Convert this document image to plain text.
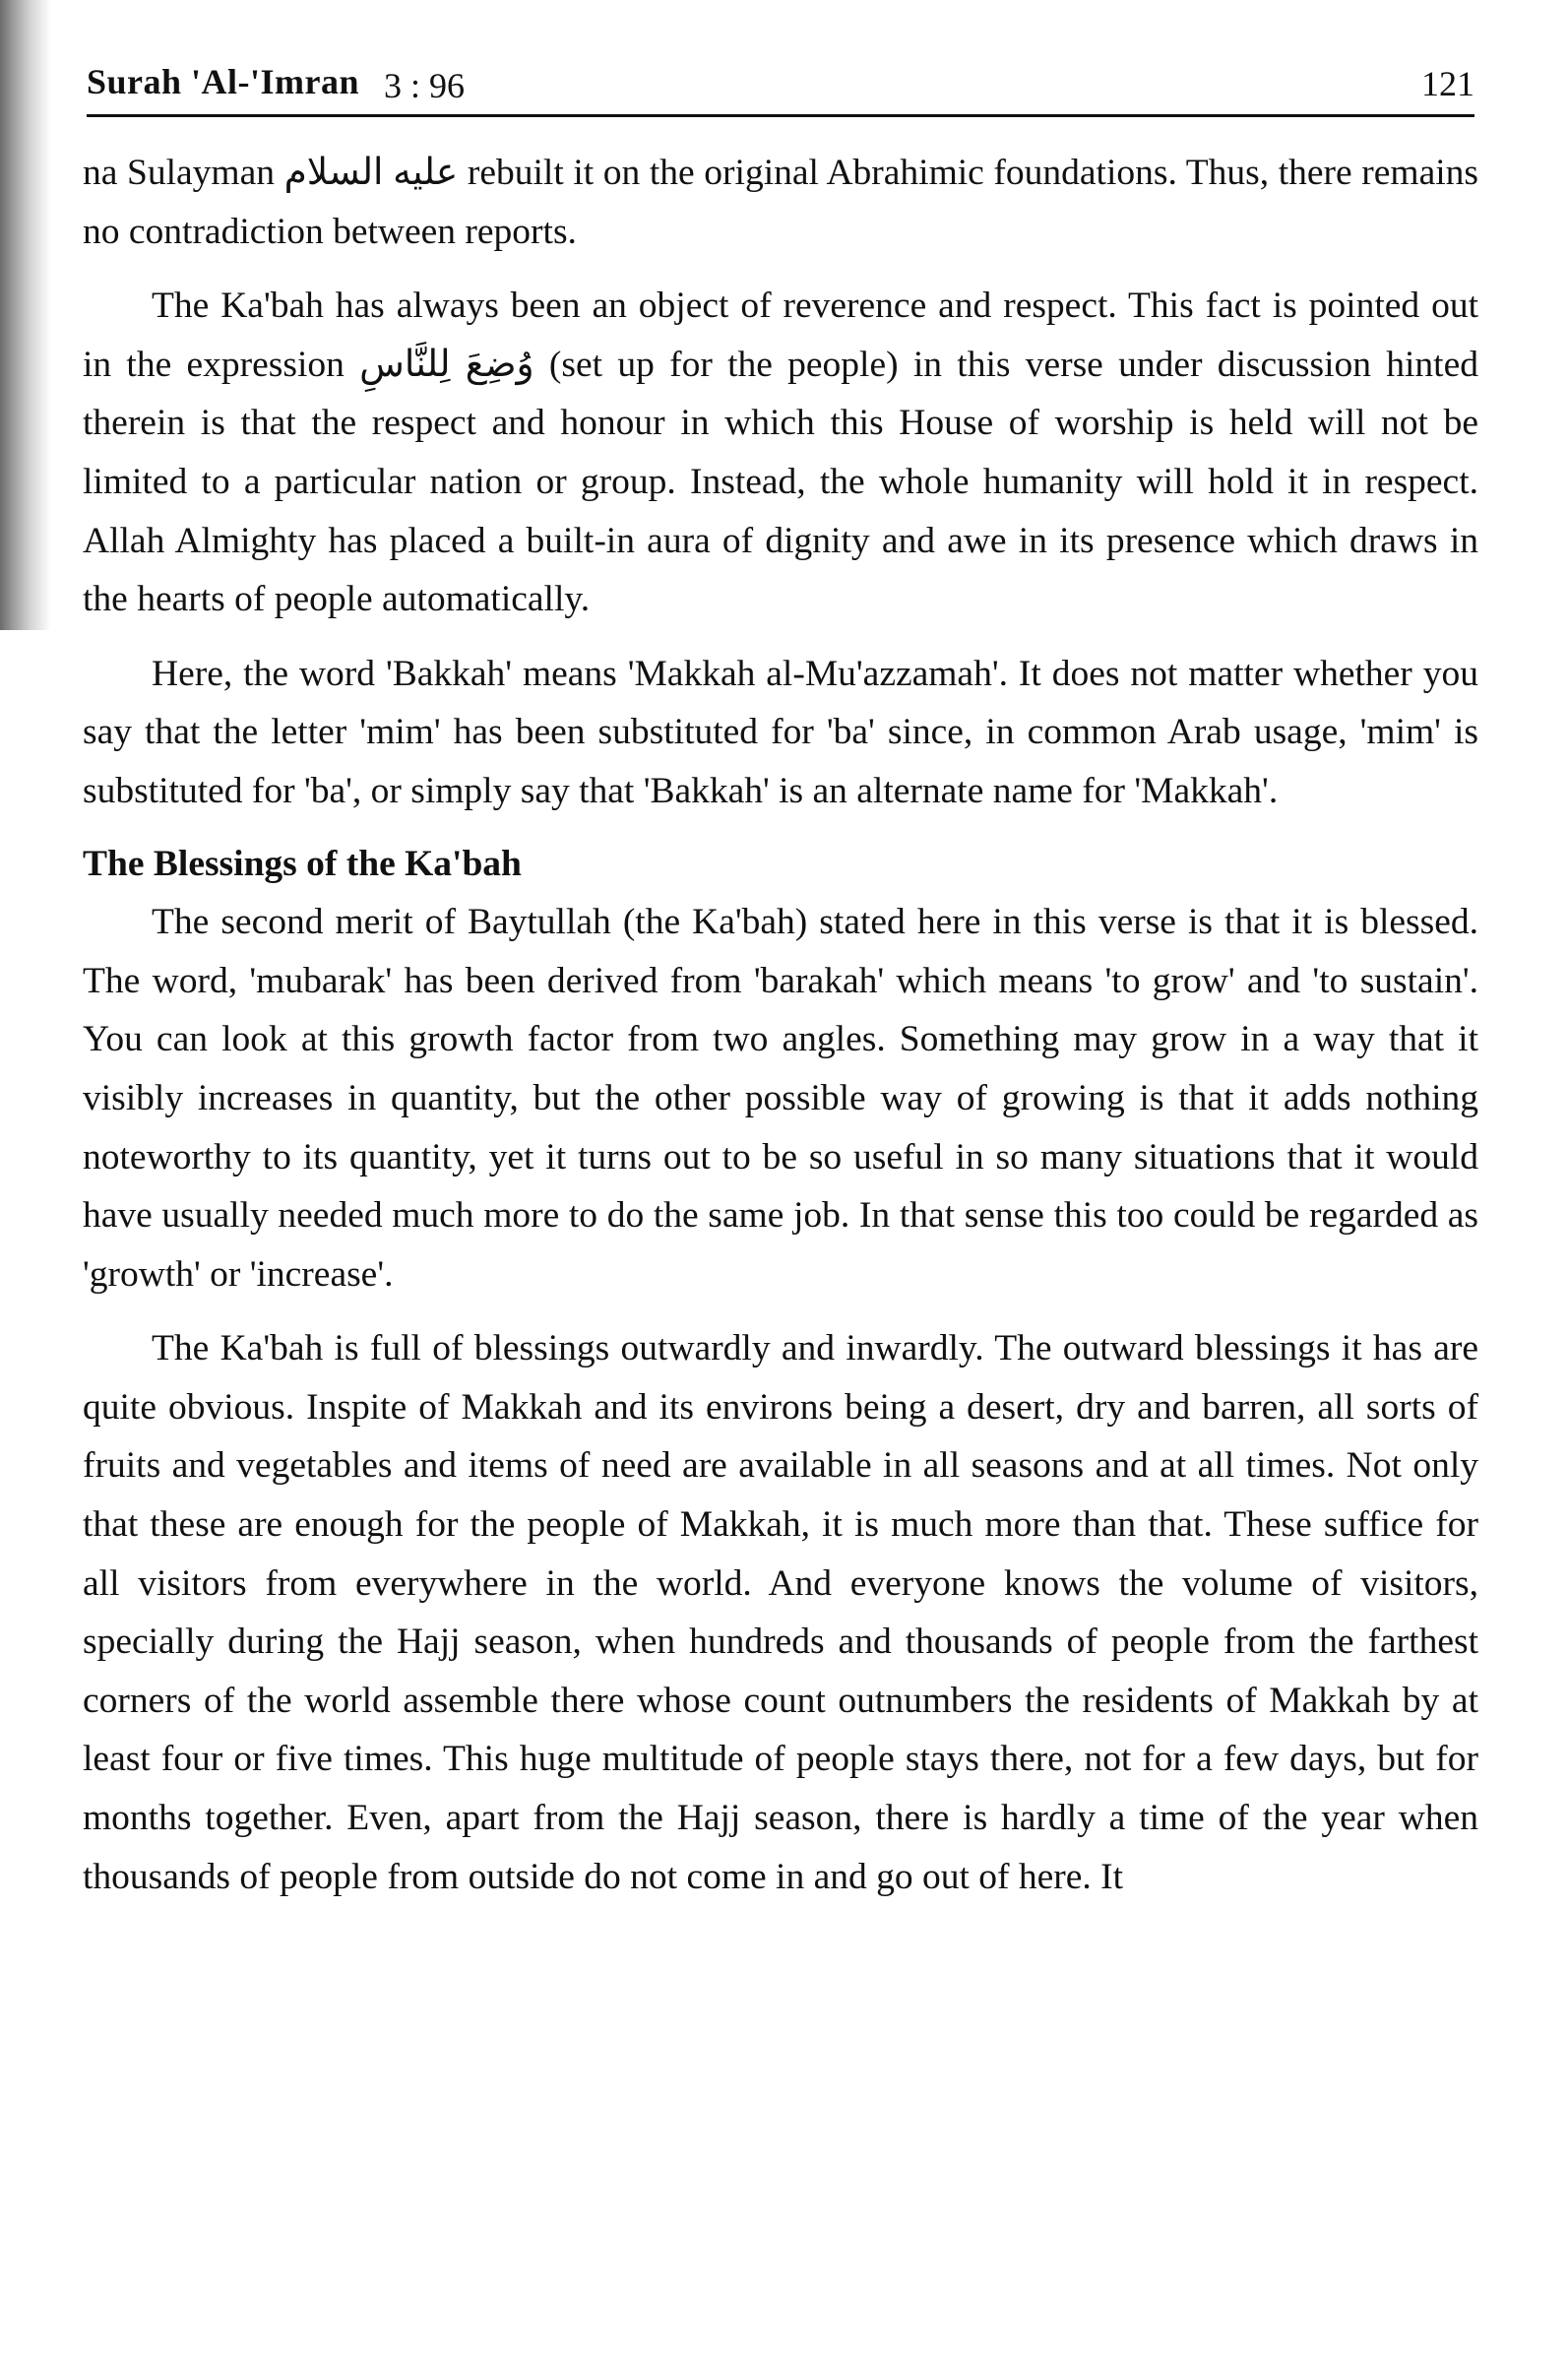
Surah 'Al-'Imran 3 : 96	121

na Sulayman عليه السلام rebuilt it on the original Abrahimic foundations. Thus, there remains no contradiction between reports.

The Ka'bah has always been an object of reverence and respect. This fact is pointed out in the expression وُضِعَ لِلنَّاسِ (set up for the people) in this verse under discussion hinted therein is that the respect and honour in which this House of worship is held will not be limited to a particular nation or group. Instead, the whole humanity will hold it in respect. Allah Almighty has placed a built-in aura of dignity and awe in its presence which draws in the hearts of people automatically.

Here, the word 'Bakkah' means 'Makkah al-Mu'azzamah'. It does not matter whether you say that the letter 'mim' has been substituted for 'ba' since, in common Arab usage, 'mim' is substituted for 'ba', or simply say that 'Bakkah' is an alternate name for 'Makkah'.

The Blessings of the Ka'bah

The second merit of Baytullah (the Ka'bah) stated here in this verse is that it is blessed. The word, 'mubarak' has been derived from 'barakah' which means 'to grow' and 'to sustain'. You can look at this growth factor from two angles. Something may grow in a way that it visibly increases in quantity, but the other possible way of growing is that it adds nothing noteworthy to its quantity, yet it turns out to be so useful in so many situations that it would have usually needed much more to do the same job. In that sense this too could be regarded as 'growth' or 'increase'.

The Ka'bah is full of blessings outwardly and inwardly. The outward blessings it has are quite obvious. Inspite of Makkah and its environs being a desert, dry and barren, all sorts of fruits and vegetables and items of need are available in all seasons and at all times. Not only that these are enough for the people of Makkah, it is much more than that. These suffice for all visitors from everywhere in the world. And everyone knows the volume of visitors, specially during the Hajj season, when hundreds and thousands of people from the farthest corners of the world assemble there whose count outnumbers the residents of Makkah by at least four or five times. This huge multitude of people stays there, not for a few days, but for months together. Even, apart from the Hajj season, there is hardly a time of the year when thousands of people from outside do not come in and go out of here. It
